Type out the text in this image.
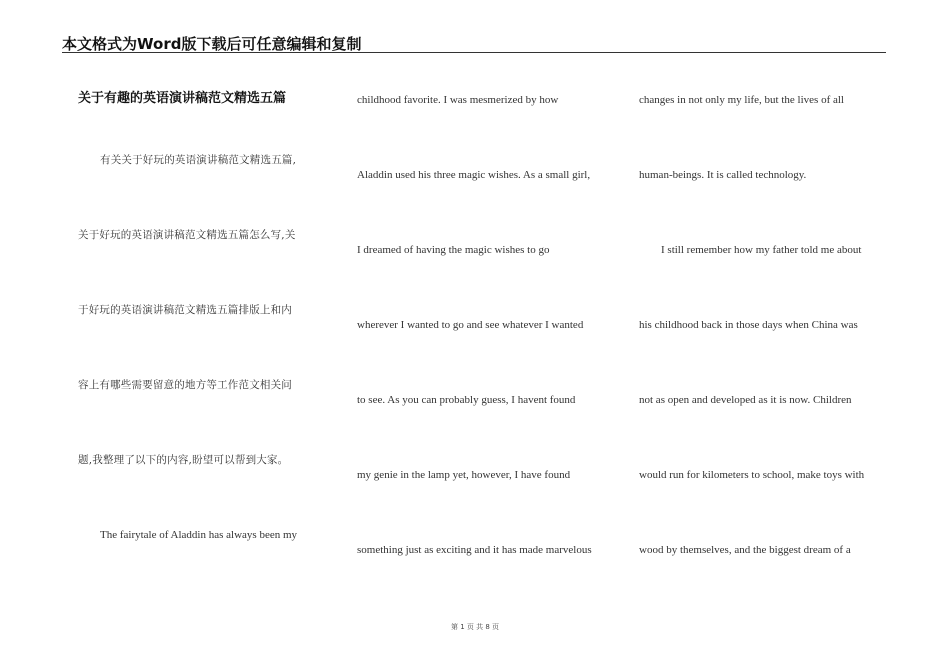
本文格式为Word版下载后可任意编辑和复制
关于有趣的英语演讲稿范文精选五篇
有关关于好玩的英语演讲稿范文精选五篇,
关于好玩的英语演讲稿范文精选五篇怎么写,关
于好玩的英语演讲稿范文精选五篇排版上和内
容上有哪些需要留意的地方等工作范文相关问
题,我整理了以下的内容,盼望可以帮到大家。
The fairytale of Aladdin has always been my
childhood favorite. I was mesmerized by how
Aladdin used his three magic wishes. As a small girl,
I dreamed of having the magic wishes to go
wherever I wanted to go and see whatever I wanted
to see. As you can probably guess, I havent found
my genie in the lamp yet, however, I have found
something just as exciting and it has made marvelous
changes in not only my life, but the lives of all
human-beings. It is called technology.
I still remember how my father told me about
his childhood back in those days when China was
not as open and developed as it is now. Children
would run for kilometers to school, make toys with
wood by themselves, and the biggest dream of a
第 1 页 共 8 页
